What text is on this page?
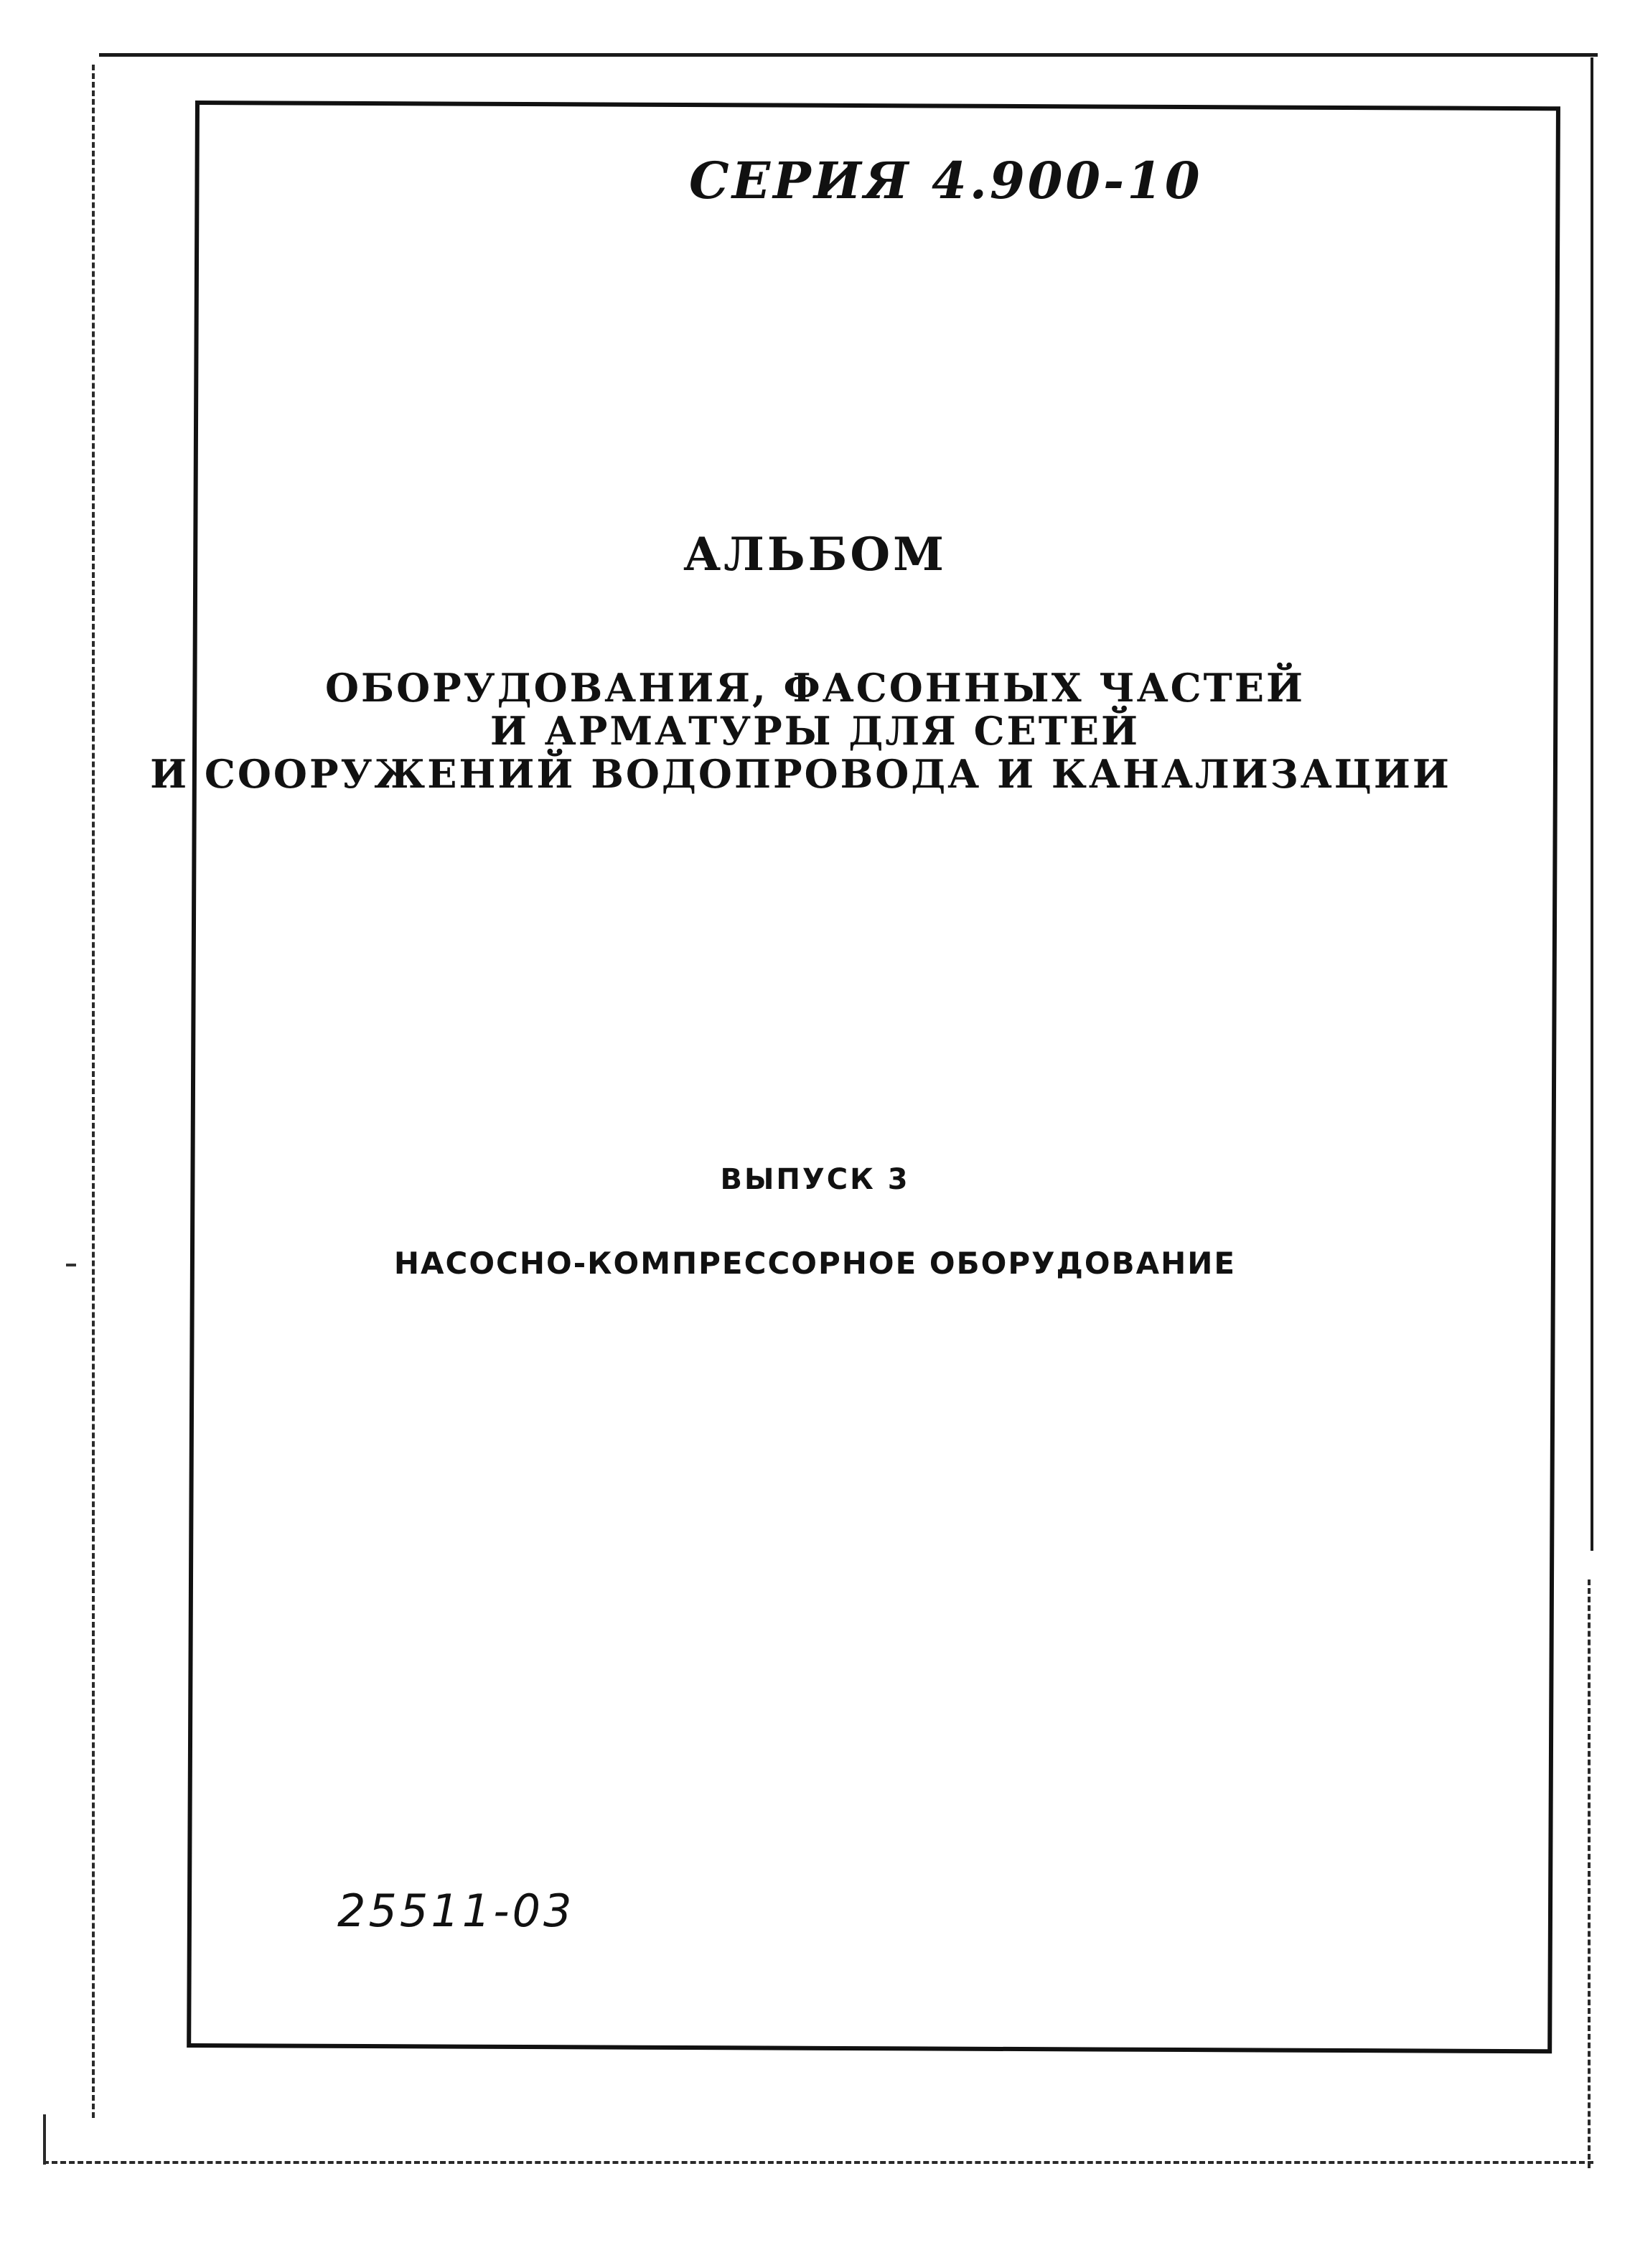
СЕРИЯ 4.900-10
АЛЬБОМ
ОБОРУДОВАНИЯ, ФАСОННЫХ ЧАСТЕЙ
И АРМАТУРЫ ДЛЯ СЕТЕЙ
И СООРУЖЕНИЙ ВОДОПРОВОДА И КАНАЛИЗАЦИИ
ВЫПУСК 3
НАСОСНО-КОМПРЕССОРНОЕ ОБОРУДОВАНИЕ
25511-03
